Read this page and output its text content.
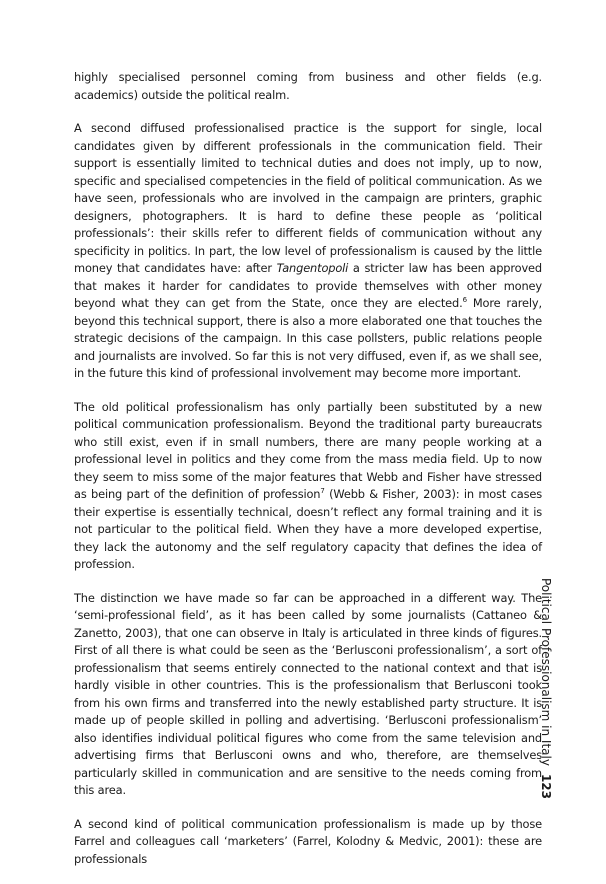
highly specialised personnel coming from business and other fields (e.g. academics) outside the political realm.

A second diffused professionalised practice is the support for single, local candidates given by different professionals in the communication field. Their support is essentially limited to technical duties and does not imply, up to now, specific and specialised competencies in the field of political communication. As we have seen, professionals who are involved in the campaign are printers, graphic designers, photographers. It is hard to define these people as ‘political professionals’: their skills refer to different fields of communication without any specificity in politics. In part, the low level of professionalism is caused by the little money that candidates have: after Tangentopoli a stricter law has been approved that makes it harder for candidates to provide themselves with other money beyond what they can get from the State, once they are elected.$^6$ More rarely, beyond this technical support, there is also a more elaborated one that touches the strategic decisions of the campaign. In this case pollsters, public relations people and journalists are involved. So far this is not very diffused, even if, as we shall see, in the future this kind of professional involvement may become more important.

The old political professionalism has only partially been substituted by a new political communication professionalism. Beyond the traditional party bureaucrats who still exist, even if in small numbers, there are many people working at a professional level in politics and they come from the mass media field. Up to now they seem to miss some of the major features that Webb and Fisher have stressed as being part of the definition of profession$^7$ (Webb & Fisher, 2003): in most cases their expertise is essentially technical, doesn’t reflect any formal training and it is not particular to the political field. When they have a more developed expertise, they lack the autonomy and the self regulatory capacity that defines the idea of profession.

The distinction we have made so far can be approached in a different way. The ‘semi-professional field’, as it has been called by some journalists (Cattaneo & Zanetto, 2003), that one can observe in Italy is articulated in three kinds of figures. First of all there is what could be seen as the ‘Berlusconi professionalism’, a sort of professionalism that seems entirely connected to the national context and that is hardly visible in other countries. This is the professionalism that Berlusconi took from his own firms and transferred into the newly established party structure. It is made up of people skilled in polling and advertising. ‘Berlusconi professionalism’ also identifies individual political figures who come from the same television and advertising firms that Berlusconi owns and who, therefore, are themselves particularly skilled in communication and are sensitive to the needs coming from this area.

A second kind of political communication professionalism is made up by those Farrel and colleagues call ‘marketers’ (Farrel, Kolodny & Medvic, 2001): these are professionals

Political Professionalism in Italy123
